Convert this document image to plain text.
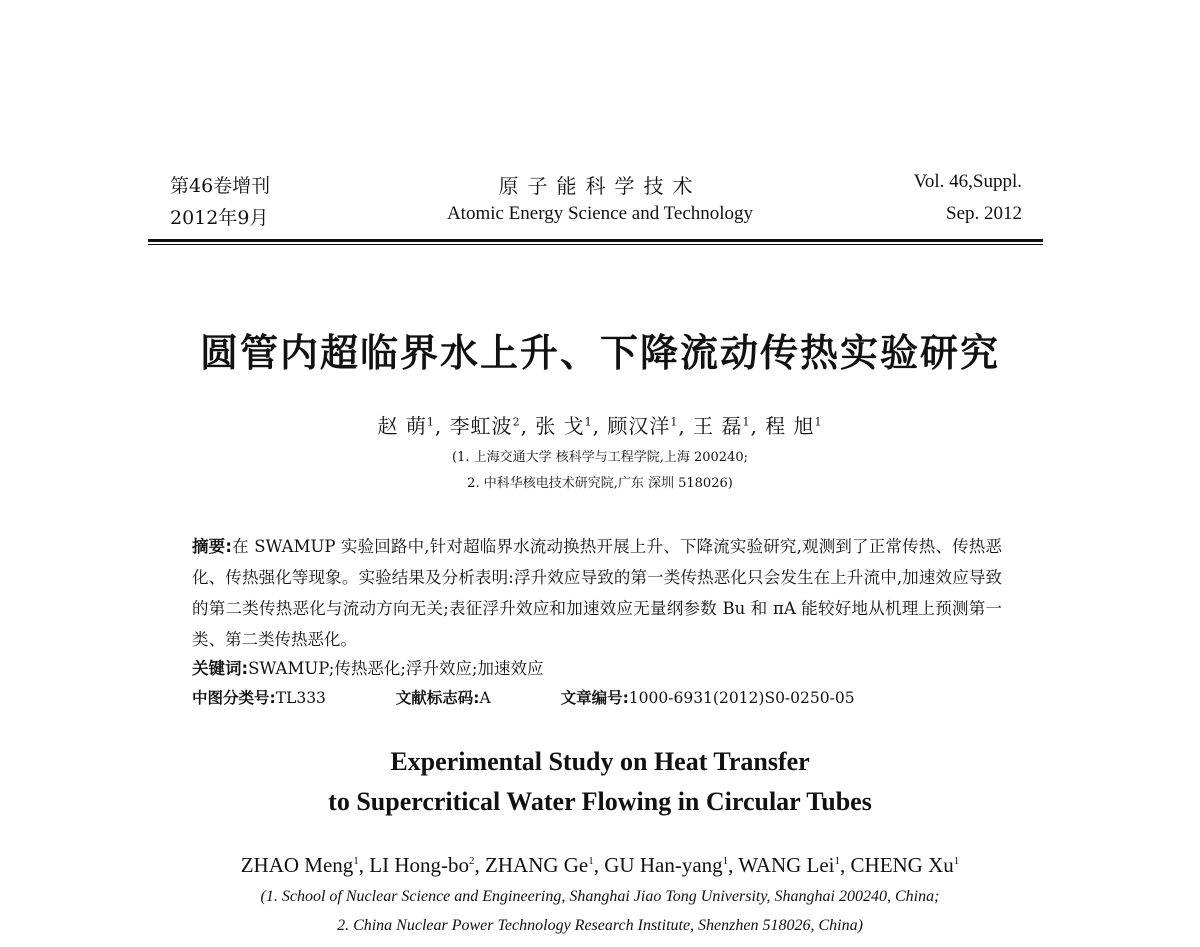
第46卷增刊
2012年9月
原子能科学技术
Atomic Energy Science and Technology
Vol. 46,Suppl.
Sep. 2012
圆管内超临界水上升、下降流动传热实验研究
赵 萌$^1$, 李虹波$^2$, 张 戈$^1$, 顾汉洋$^1$, 王 磊$^1$, 程 旭$^1$
(1. 上海交通大学 核科学与工程学院,上海 200240;
2. 中科华核电技术研究院,广东 深圳 518026)
摘要:在 SWAMUP 实验回路中,针对超临界水流动换热开展上升、下降流实验研究,观测到了正常传热、传热恶化、传热强化等现象。实验结果及分析表明:浮升效应导致的第一类传热恶化只会发生在上升流中,加速效应导致的第二类传热恶化与流动方向无关;表征浮升效应和加速效应无量纲参数 Bu 和 πA 能较好地从机理上预测第一类、第二类传热恶化。
关键词:SWAMUP;传热恶化;浮升效应;加速效应
中图分类号:TL333	文献标志码:A	文章编号:1000-6931(2012)S0-0250-05
Experimental Study on Heat Transfer
to Supercritical Water Flowing in Circular Tubes
ZHAO Meng$^1$, LI Hong-$bo^2$, ZHANG Ge$^1$, GU Han-yang$^1$, WANG Lei$^1$, CHENG Xu$^1$
(1. School of Nuclear Science and Engineering, Shanghai Jiao Tong University, Shanghai 200240, China;
2. China Nuclear Power Technology Research Institute, Shenzhen 518026, China)
